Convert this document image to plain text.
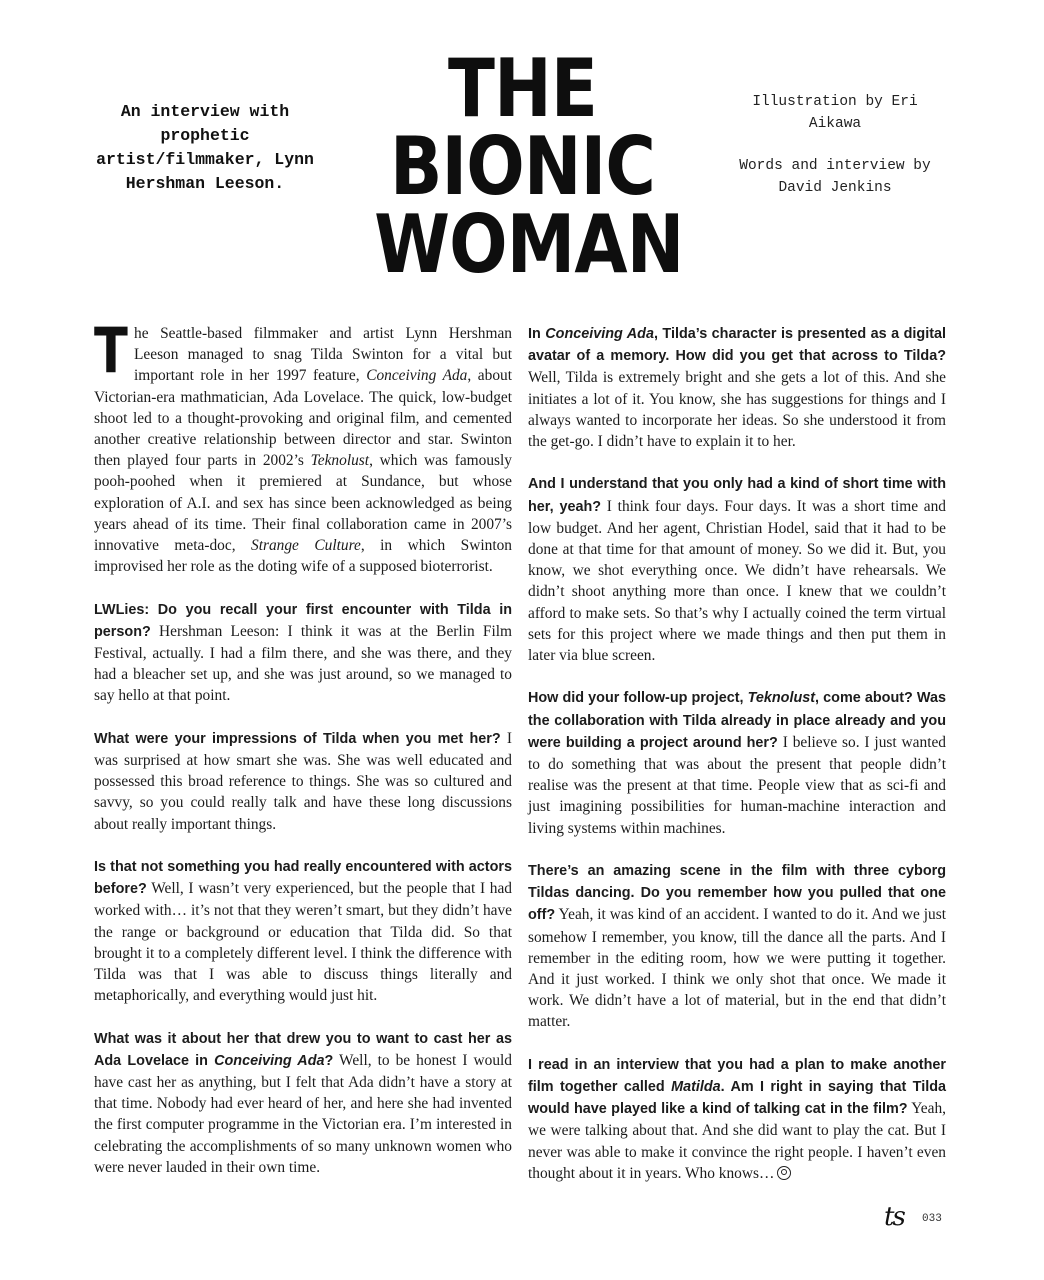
An interview with prophetic artist/filmmaker, Lynn Hershman Leeson.
THE
BIONIC
WOMAN
Illustration by Eri Aikawa
Words and interview by David Jenkins

The Seattle-based filmmaker and artist Lynn Hershman Leeson managed to snag Tilda Swinton for a vital but important role in her 1997 feature, Conceiving Ada, about Victorian-era mathmatician, Ada Lovelace. The quick, low-budget shoot led to a thought-provoking and original film, and cemented another creative relationship between director and star. Swinton then played four parts in 2002’s Teknolust, which was famously pooh-poohed when it premiered at Sundance, but whose exploration of A.I. and sex has since been acknowledged as being years ahead of its time. Their final collaboration came in 2007’s innovative meta-doc, Strange Culture, in which Swinton improvised her role as the doting wife of a supposed bioterrorist.

LWLies: Do you recall your first encounter with Tilda in person? Hershman Leeson: I think it was at the Berlin Film Festival, actually. I had a film there, and she was there, and they had a bleacher set up, and she was just around, so we managed to say hello at that point.

What were your impressions of Tilda when you met her? I was surprised at how smart she was. She was well educated and possessed this broad reference to things. She was so cultured and savvy, so you could really talk and have these long discussions about really important things.

Is that not something you had really encountered with actors before? Well, I wasn’t very experienced, but the people that I had worked with… it’s not that they weren’t smart, but they didn’t have the range or background or education that Tilda did. So that brought it to a completely different level. I think the difference with Tilda was that I was able to discuss things literally and metaphorically, and everything would just hit.

What was it about her that drew you to want to cast her as Ada Lovelace in Conceiving Ada? Well, to be honest I would have cast her as anything, but I felt that Ada didn’t have a story at that time. Nobody had ever heard of her, and here she had invented the first computer programme in the Victorian era. I’m interested in celebrating the accomplishments of so many unknown women who were never lauded in their own time.

In Conceiving Ada, Tilda’s character is presented as a digital avatar of a memory. How did you get that across to Tilda? Well, Tilda is extremely bright and she gets a lot of this. And she initiates a lot of it. You know, she has suggestions for things and I always wanted to incorporate her ideas. So she understood it from the get-go. I didn’t have to explain it to her.

And I understand that you only had a kind of short time with her, yeah? I think four days. Four days. It was a short time and low budget. And her agent, Christian Hodel, said that it had to be done at that time for that amount of money. So we did it. But, you know, we shot everything once. We didn’t have rehearsals. We didn’t shoot anything more than once. I knew that we couldn’t afford to make sets. So that’s why I actually coined the term virtual sets for this project where we made things and then put them in later via blue screen.

How did your follow-up project, Teknolust, come about? Was the collaboration with Tilda already in place already and you were building a project around her? I believe so. I just wanted to do something that was about the present that people didn’t realise was the present at that time. People view that as sci-fi and just imagining possibilities for human-machine interaction and living systems within machines.

There’s an amazing scene in the film with three cyborg Tildas dancing. Do you remember how you pulled that one off? Yeah, it was kind of an accident. I wanted to do it. And we just somehow I remember, you know, till the dance all the parts. And I remember in the editing room, how we were putting it together. And it just worked. I think we only shot that once. We made it work. We didn’t have a lot of material, but in the end that didn’t matter.

I read in an interview that you had a plan to make another film together called Matilda. Am I right in saying that Tilda would have played like a kind of talking cat in the film? Yeah, we were talking about that. And she did want to play the cat. But I never was able to make it convince the right people. I haven’t even thought about it in years. Who knows…

ts 033
